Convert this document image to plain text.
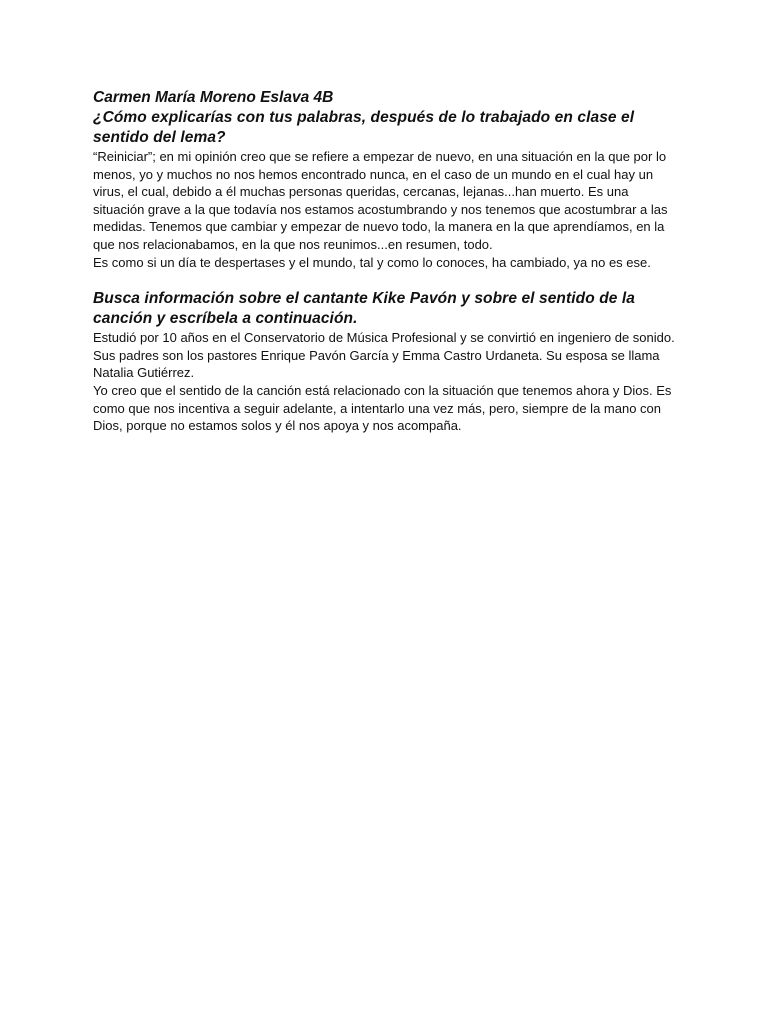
Carmen María Moreno Eslava 4B

¿Cómo explicarías con tus palabras, después de lo trabajado en clase el sentido del lema?

“Reiniciar”; en mi opinión creo que se refiere a empezar de nuevo, en una situación en la que por lo menos, yo y muchos no nos hemos encontrado nunca, en el caso de un mundo en el cual hay un virus, el cual, debido a él muchas personas queridas, cercanas, lejanas...han muerto. Es una situación grave a la que todavía nos estamos acostumbrando y nos tenemos que acostumbrar a las medidas. Tenemos que cambiar y empezar de nuevo todo, la manera en la que aprendíamos, en la que nos relacionabamos, en la que nos reunimos...en resumen, todo.

Es como si un día te despertases y el mundo, tal y como lo conoces, ha cambiado, ya no es ese.

Busca información sobre el cantante Kike Pavón y sobre el sentido de la canción y escríbela a continuación.

Estudió por 10 años en el Conservatorio de Música Profesional y se convirtió en ingeniero de sonido. Sus padres son los pastores Enrique Pavón García y Emma Castro Urdaneta. Su esposa se llama Natalia Gutiérrez.

Yo creo que el sentido de la canción está relacionado con la situación que tenemos ahora y Dios. Es como que nos incentiva a seguir adelante, a intentarlo una vez más, pero, siempre de la mano con Dios, porque no estamos solos y él nos apoya y nos acompaña.
